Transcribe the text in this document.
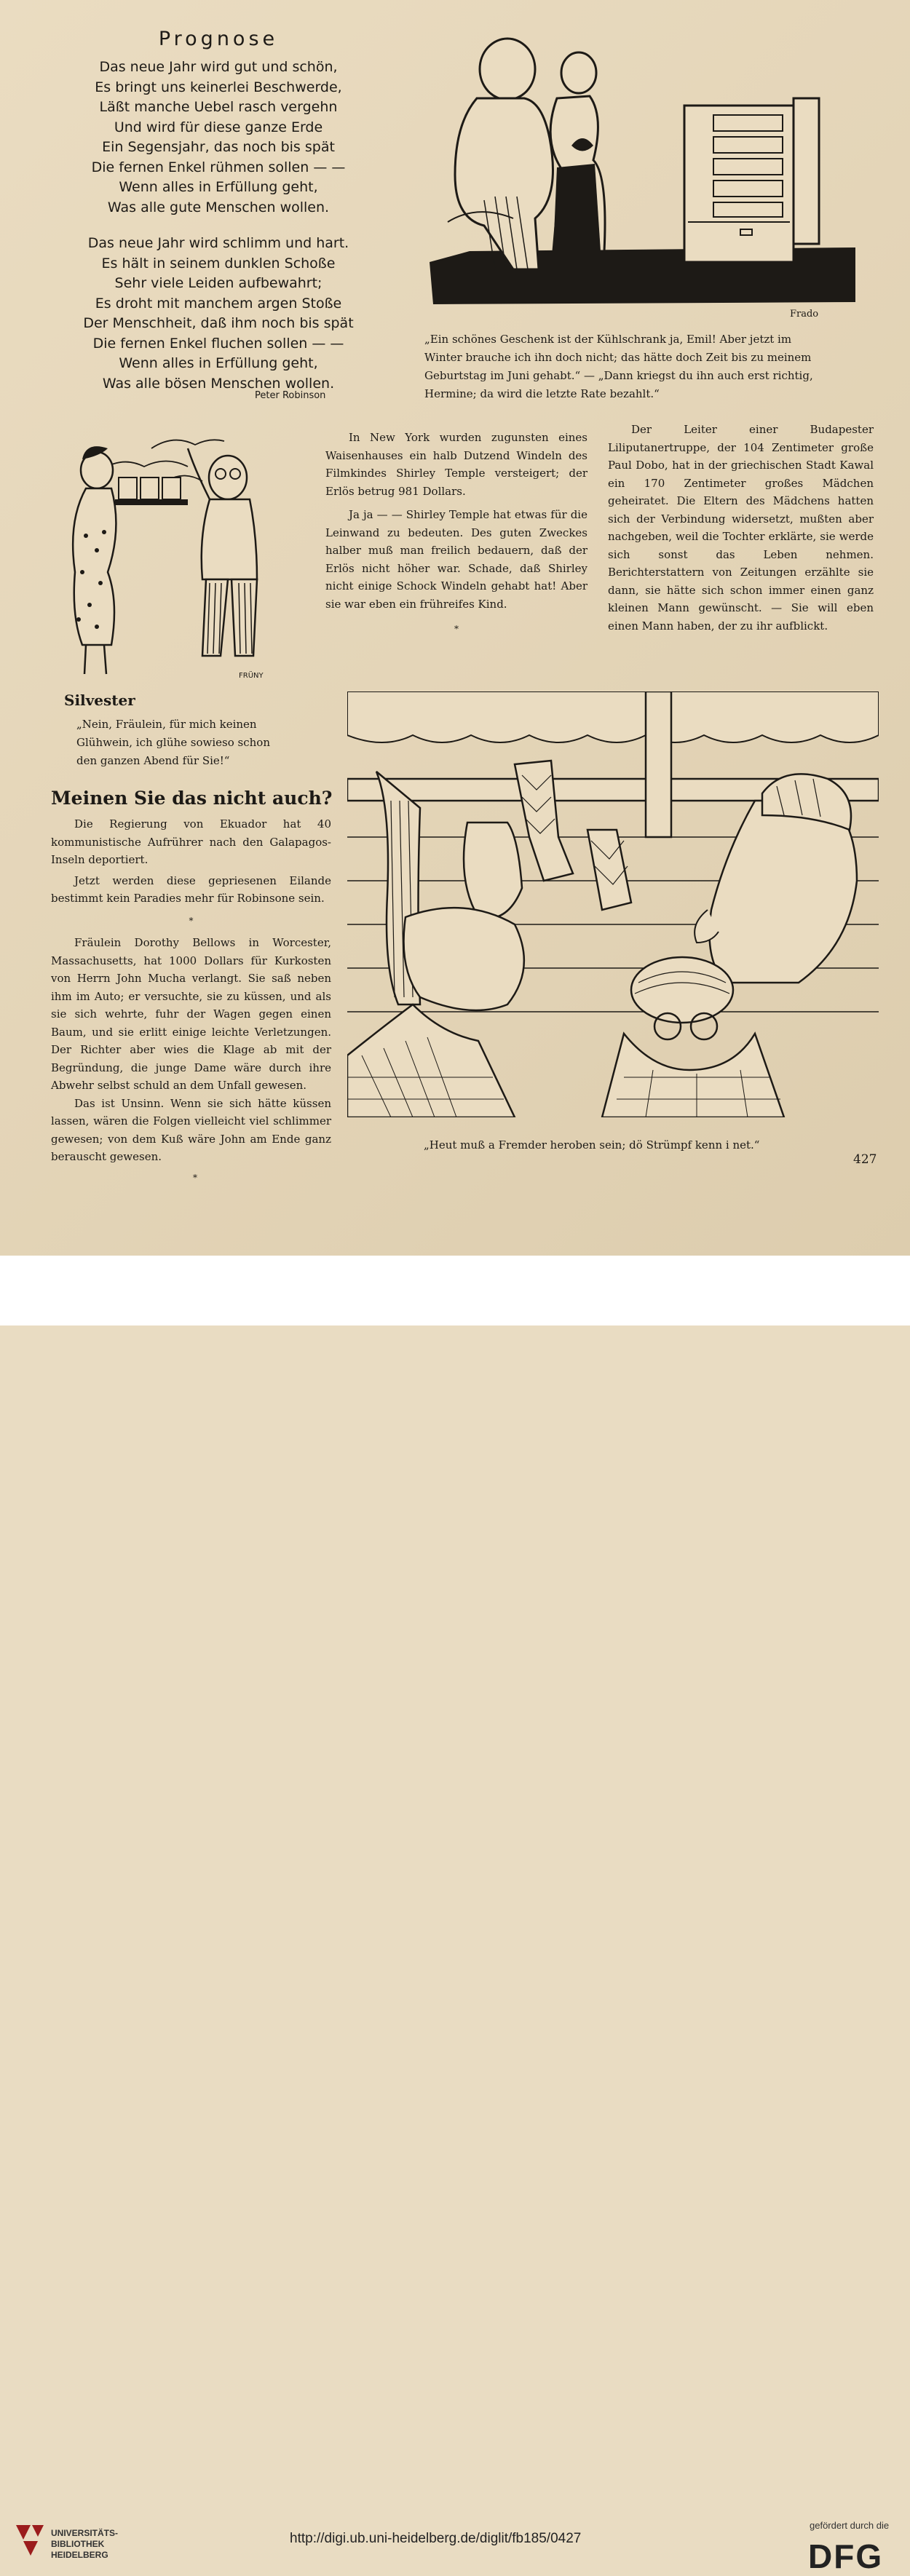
Prognose
Das neue Jahr wird gut und schön,
Es bringt uns keinerlei Beschwerde,
Läßt manche Uebel rasch vergehn
Und wird für diese ganze Erde
Ein Segensjahr, das noch bis spät
Die fernen Enkel rühmen sollen — —
Wenn alles in Erfüllung geht,
Was alle gute Menschen wollen.
Das neue Jahr wird schlimm und hart.
Es hält in seinem dunklen Schoße
Sehr viele Leiden aufbewahrt;
Es droht mit manchem argen Stoße
Der Menschheit, daß ihm noch bis spät
Die fernen Enkel fluchen sollen — —
Wenn alles in Erfüllung geht,
Was alle bösen Menschen wollen.
Peter Robinson
Frado
„Ein schönes Geschenk ist der Kühlschrank ja, Emil! Aber jetzt im
Winter brauche ich ihn doch nicht; das hätte doch Zeit bis zu meinem
Geburtstag im Juni gehabt.“ — „Dann kriegst du ihn auch erst richtig,
Hermine; da wird die letzte Rate bezahlt.“
FRÜNY

In New York wurden zugunsten eines Waisenhauses ein halb Dutzend Windeln des Filmkindes Shirley Temple versteigert; der Erlös betrug 981 Dollars.

Ja ja — — Shirley Temple hat etwas für die Leinwand zu bedeuten. Des guten Zweckes halber muß man freilich bedauern, daß der Erlös nicht höher war. Schade, daß Shirley nicht einige Schock Windeln gehabt hat! Aber sie war eben ein frühreifes Kind.

*

Der Leiter einer Budapester Liliputanertruppe, der 104 Zentimeter große Paul Dobo, hat in der griechischen Stadt Kawal ein 170 Zentimeter großes Mädchen geheiratet. Die Eltern des Mädchens hatten sich der Verbindung widersetzt, mußten aber nachgeben, weil die Tochter erklärte, sie werde sich sonst das Leben nehmen. Berichterstattern von Zeitungen erzählte sie dann, sie hätte sich schon immer einen ganz kleinen Mann gewünscht. — Sie will eben einen Mann haben, der zu ihr aufblickt.

Silvester
„Nein, Fräulein, für mich keinen
Glühwein, ich glühe sowieso schon
den ganzen Abend für Sie!“
Meinen Sie das nicht auch?

Die Regierung von Ekuador hat 40 kommunistische Aufrührer nach den Galapagos-Inseln deportiert.

Jetzt werden diese gepriesenen Eilande bestimmt kein Paradies mehr für Robinsone sein.

*

Fräulein Dorothy Bellows in Worcester, Massachusetts, hat 1000 Dollars für Kurkosten von Herrn John Mucha verlangt. Sie saß neben ihm im Auto; er versuchte, sie zu küssen, und als sie sich wehrte, fuhr der Wagen gegen einen Baum, und sie erlitt einige leichte Verletzungen. Der Richter aber wies die Klage ab mit der Begründung, die junge Dame wäre durch ihre Abwehr selbst schuld an dem Unfall gewesen.

Das ist Unsinn. Wenn sie sich hätte küssen lassen, wären die Folgen vielleicht viel schlimmer gewesen; von dem Kuß wäre John am Ende ganz berauscht gewesen.

*
„Heut muß a Fremder heroben sein; dö Strümpf kenn i net.“
427
UNIVERSITÄTS-
BIBLIOTHEK
HEIDELBERG
http://digi.ub.uni-heidelberg.de/diglit/fb185/0427
gefördert durch die
DFG
